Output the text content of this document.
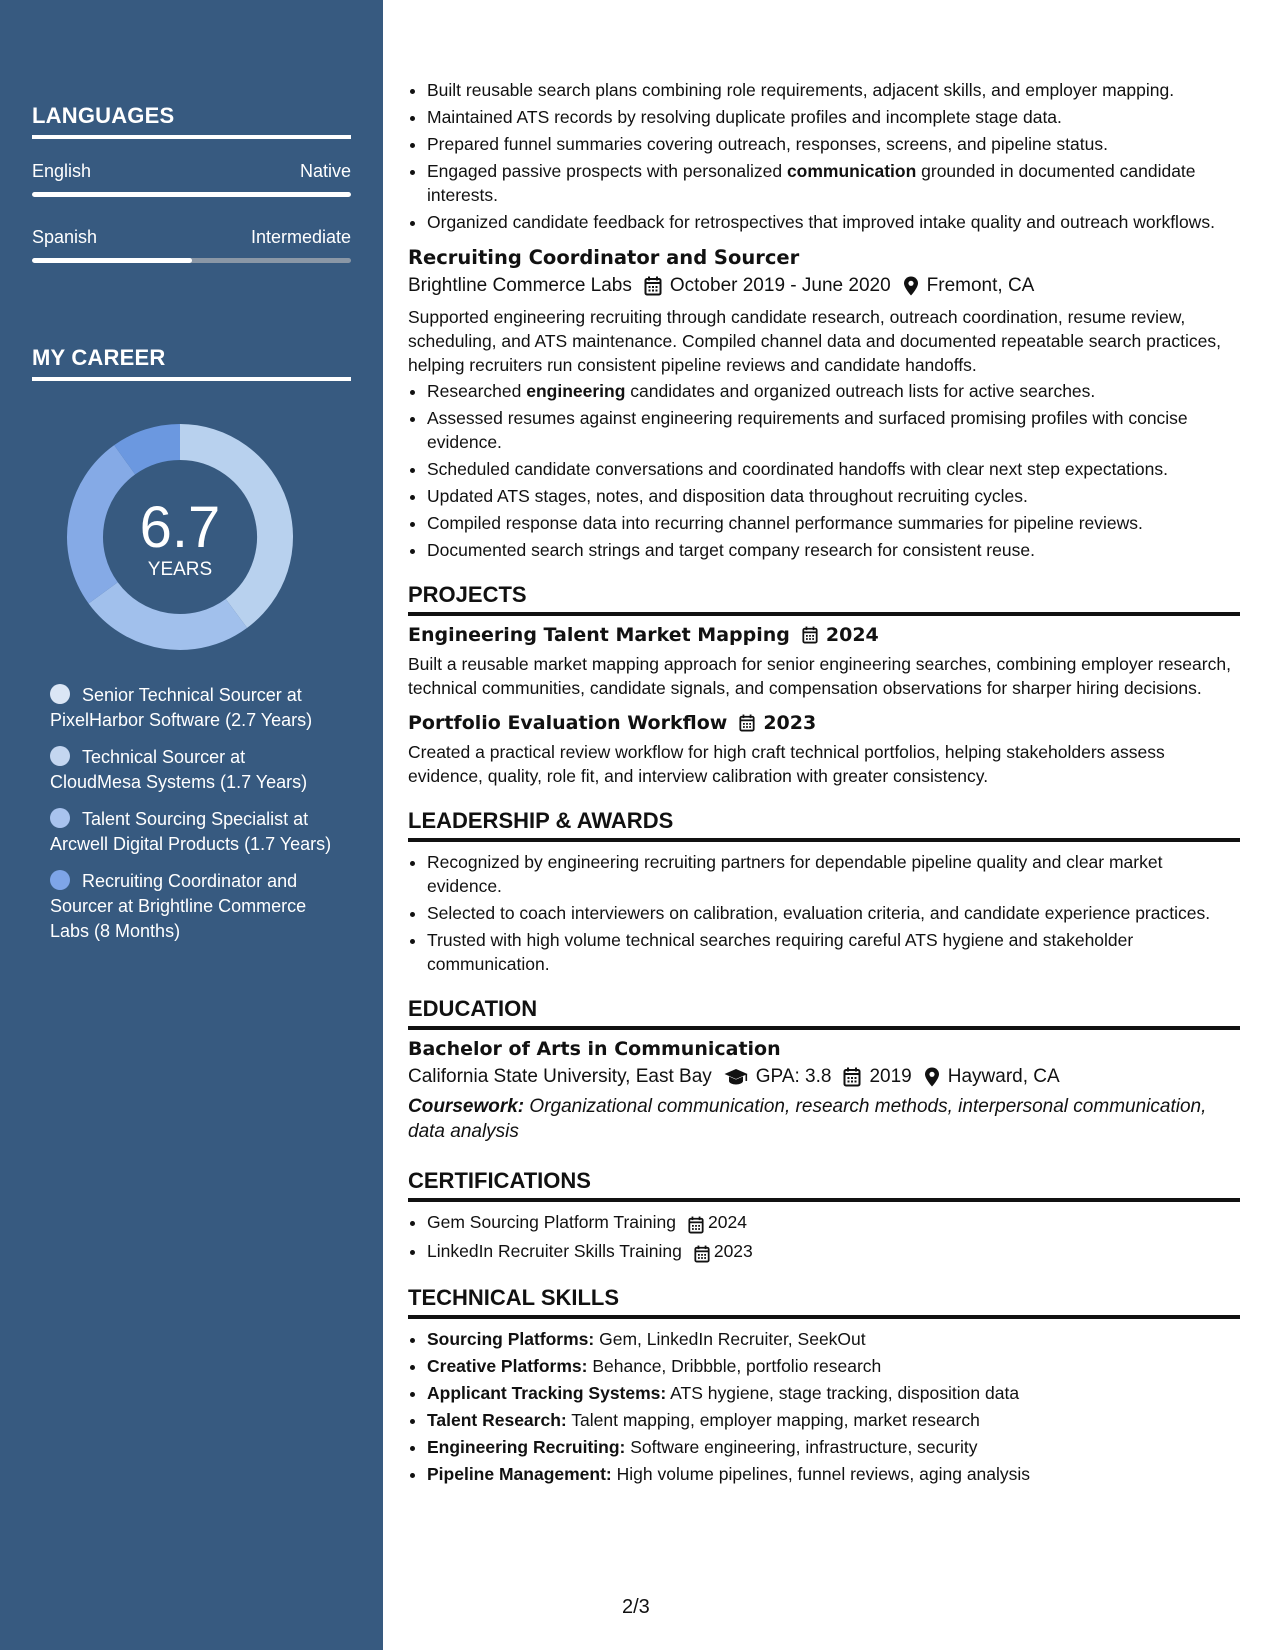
LANGUAGES
English	Native
Spanish	Intermediate
MY CAREER
6.7
YEARS
Senior Technical Sourcer at PixelHarbor Software (2.7 Years)
Technical Sourcer at CloudMesa Systems (1.7 Years)
Talent Sourcing Specialist at Arcwell Digital Products (1.7 Years)
Recruiting Coordinator and Sourcer at Brightline Commerce Labs (8 Months)
• Built reusable search plans combining role requirements, adjacent skills, and employer mapping.
• Maintained ATS records by resolving duplicate profiles and incomplete stage data.
• Prepared funnel summaries covering outreach, responses, screens, and pipeline status.
• Engaged passive prospects with personalized communication grounded in documented candidate interests.
• Organized candidate feedback for retrospectives that improved intake quality and outreach workflows.
Recruiting Coordinator and Sourcer
Brightline Commerce Labs October 2019 - June 2020 Fremont, CA
Supported engineering recruiting through candidate research, outreach coordination, resume review, scheduling, and ATS maintenance. Compiled channel data and documented repeatable search practices, helping recruiters run consistent pipeline reviews and candidate handoffs.
• Researched engineering candidates and organized outreach lists for active searches.
• Assessed resumes against engineering requirements and surfaced promising profiles with concise evidence.
• Scheduled candidate conversations and coordinated handoffs with clear next step expectations.
• Updated ATS stages, notes, and disposition data throughout recruiting cycles.
• Compiled response data into recurring channel performance summaries for pipeline reviews.
• Documented search strings and target company research for consistent reuse.
PROJECTS
Engineering Talent Market Mapping 2024
Built a reusable market mapping approach for senior engineering searches, combining employer research, technical communities, candidate signals, and compensation observations for sharper hiring decisions.
Portfolio Evaluation Workflow 2023
Created a practical review workflow for high craft technical portfolios, helping stakeholders assess evidence, quality, role fit, and interview calibration with greater consistency.
LEADERSHIP & AWARDS
• Recognized by engineering recruiting partners for dependable pipeline quality and clear market evidence.
• Selected to coach interviewers on calibration, evaluation criteria, and candidate experience practices.
• Trusted with high volume technical searches requiring careful ATS hygiene and stakeholder communication.
EDUCATION
Bachelor of Arts in Communication
California State University, East Bay GPA: 3.8 2019 Hayward, CA
Coursework: Organizational communication, research methods, interpersonal communication, data analysis
CERTIFICATIONS
• Gem Sourcing Platform Training 2024
• LinkedIn Recruiter Skills Training 2023
TECHNICAL SKILLS
• Sourcing Platforms: Gem, LinkedIn Recruiter, SeekOut
• Creative Platforms: Behance, Dribbble, portfolio research
• Applicant Tracking Systems: ATS hygiene, stage tracking, disposition data
• Talent Research: Talent mapping, employer mapping, market research
• Engineering Recruiting: Software engineering, infrastructure, security
• Pipeline Management: High volume pipelines, funnel reviews, aging analysis
2/3
